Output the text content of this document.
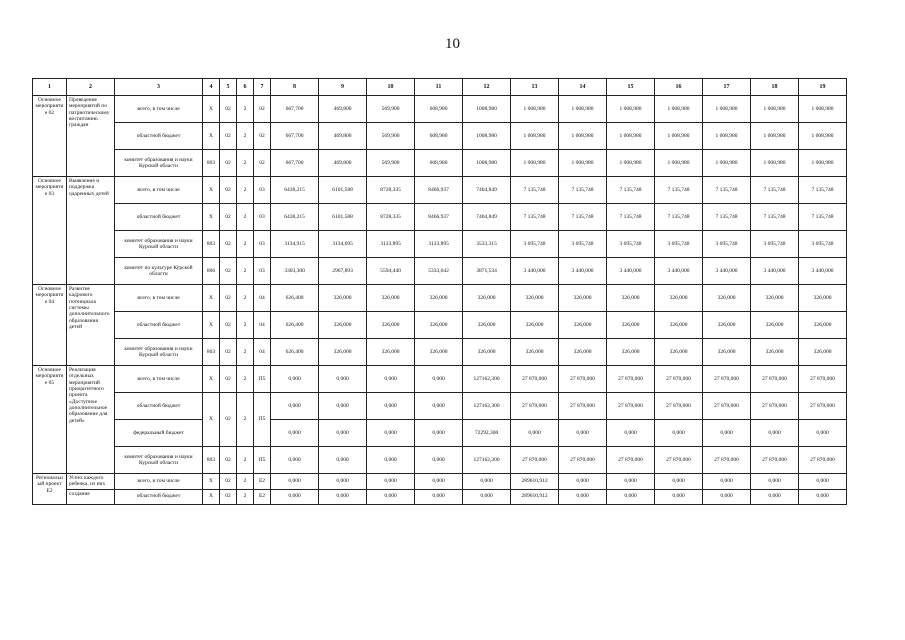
10
1	2	3	4	5	6	7	8	9	10	11	12	13	14	15	16	17	18	19
Основное мероприятие 02	Проведение мероприятий по патриотическому воспитанию граждан	всего, в том числе	X	02	2	02	667,700	469,800	569,900	608,980	1008,980	1 008,980	1 008,980	1 008,980	1 008,980	1 008,980	1 008,980	1 008,980
		областной бюджет	X	02	2	02	667,700	469,800	569,900	608,980	1008,980	1 008,980	1 008,980	1 008,980	1 008,980	1 008,980	1 008,980	1 008,980
		комитет образования и науки Курской области	803	02	2	02	667,700	469,800	569,900	608,980	1008,980	1 008,980	1 008,980	1 008,980	1 008,980	1 008,980	1 008,980	1 008,980
Основное мероприятие 03	Выявление и поддержка одаренных детей	всего, в том числе	X	02	2	03	6438,215	6101,588	8728,335	8466,937	7404,849	7 135,748	7 135,748	7 135,748	7 135,748	7 135,748	7 135,748	7 135,748
		областной бюджет	X	02	2	03	6438,215	6101,588	8728,335	8466,937	7404,849	7 135,748	7 135,748	7 135,748	7 135,748	7 135,748	7 135,748	7 135,748
		комитет образования и науки Курской области	803	02	2	03	3134,915	3134,695	3133,895	3133,895	3533,315	3 695,748	3 695,748	3 695,748	3 695,748	3 695,748	3 695,748	3 695,748
		комитет по культуре Курской области	806	02	2	03	3303,300	2967,893	5594,440	5333,042	3871,534	3 440,000	3 440,000	3 440,000	3 440,000	3 440,000	3 440,000	3 440,000
Основное мероприятие 04	Развитие кадрового потенциала системы дополнительного образования детей	всего, в том числе	X	02	2	04	626,400	326,000	326,000	326,000	326,000	326,000	326,000	326,000	326,000	326,000	326,000	326,000
		областной бюджет	X	02	2	04	626,400	326,000	326,000	326,000	326,000	326,000	326,000	326,000	326,000	326,000	326,000	326,000
		комитет образования и науки Курской области	803	02	2	04	626,400	326,000	326,000	326,000	326,000	326,000	326,000	326,000	326,000	326,000	326,000	326,000
Основное мероприятие 05	Реализация отдельных мероприятий приоритетного проекта «Доступное дополнительное образование для детей»	всего, в том числе	X	02	2	П5	0,000	0,000	0,000	0,000	127162,300	27 870,000	27 870,000	27 870,000	27 870,000	27 870,000	27 870,000	27 870,000
		областной бюджет	X	02	2	П5	0,000	0,000	0,000	0,000	127162,300	27 870,000	27 870,000	27 870,000	27 870,000	27 870,000	27 870,000	27 870,000
		федеральный бюджет					0,000	0,000	0,000	0,000	72292,300	0,000	0,000	0,000	0,000	0,000	0,000	0,000
		комитет образования и науки Курской области	803	02	2	П5	0,000	0,000	0,000	0,000	127162,300	27 870,000	27 870,000	27 870,000	27 870,000	27 870,000	27 870,000	27 870,000
Региональный проект Е2	Успех каждого ребенка, из них	всего, в том числе	X	02	2	Е2	0,000	0,000	0,000	0,000	0,000	289610,912	0,000	0,000	0,000	0,000	0,000	0,000
	создание	областной бюджет	X	02	2	Е2	0,000	0,000	0,000	0,000	0,000	289610,912	0,000	0,000	0,000	0,000	0,000	0,000
